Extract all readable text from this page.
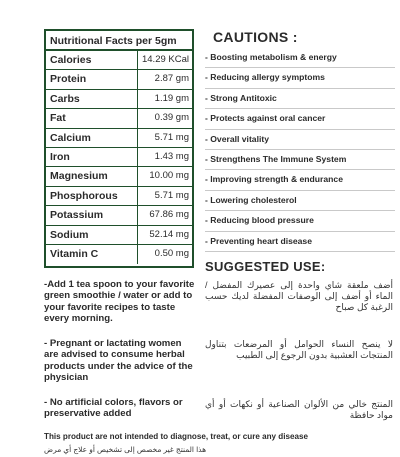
Nutritional Facts per 5gm
Calories	14.29 KCal
Protein	2.87 gm
Carbs	1.19 gm
Fat	0.39 gm
Calcium	5.71 mg
Iron	1.43 mg
Magnesium	10.00 mg
Phosphorous	5.71 mg
Potassium	67.86 mg
Sodium	52.14 mg
Vitamin C	0.50 mg
CAUTIONS :
- Boosting metabolism & energy
- Reducing allergy symptoms
- Strong Antitoxic
- Protects against oral cancer
- Overall vitality
- Strengthens The Immune System
- Improving strength & endurance
- Lowering cholesterol
- Reducing blood pressure
- Preventing heart disease
SUGGESTED USE:
-Add 1 tea spoon to your favorite green smoothie / water or add to your favorite recipes to taste every morning.
- Pregnant or lactating women are advised to consume herbal products under the advice of the physician
- No artificial colors, flavors or preservative added
أضف ملعقة شاي واحدة إلى عصيرك المفضل / الماء أو أضف إلى الوصفات المفضلة لديك حسب الرغبة كل صباح
لا ينصح النساء الحوامل أو المرضعات بتناول المنتجات العشبية بدون الرجوع إلى الطبيب
المنتج خالي من الألوان الصناعية أو نكهات أو أي مواد حافظة
This product are not intended to diagnose, treat, or cure any disease
هذا المنتج غير مخصص إلى تشخيص أو علاج أي مرض
